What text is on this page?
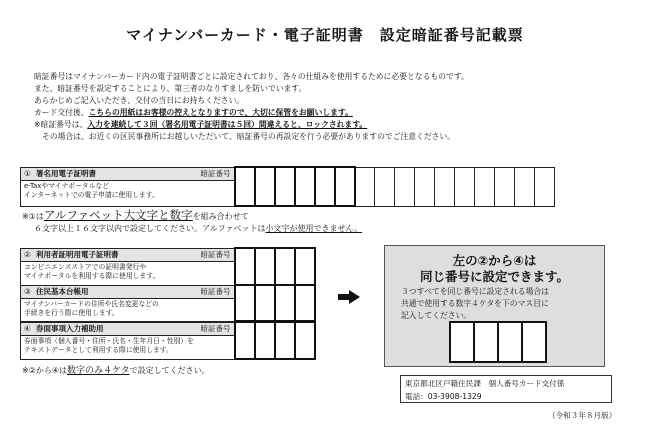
マイナンバーカード・電子証明書　設定暗証番号記載票
暗証番号はマイナンバーカード内の電子証明書ごとに設定されており、各々の仕組みを使用するために必要となるものです。
また、暗証番号を設定することにより、第三者のなりすましを防いでいます。
あらかじめご記入いただき、交付の当日にお持ちください。
カード交付後、こちらの用紙はお客様の控えとなりますので、大切に保管をお願いします。
※暗証番号は、入力を連続して３回（署名用電子証明書は５回）間違えると、ロックされます。
その場合は、お近くの区民事務所にお越しいただいて、暗証番号の再設定を行う必要がありますのでご注意ください。
① 署名用電子証明書	暗証番号

e-Taxやマイナポータルなど
インターネットでの電子申請に使用します。
※①はアルファベット大文字と数字を組み合わせて
６文字以上１６文字以内で設定してください。アルファベットは小文字が使用できません。
② 利用者証明用電子証明書	暗証番号

コンビニエンスストアでの証明書発行や
マイナポータルを利用する際に使用します。
③ 住民基本台帳用	暗証番号

マイナンバーカードの住所や氏名変更などの
手続きを行う際に使用します。
④ 券面事項入力補助用	暗証番号

券面事項（個人番号・住所・氏名・生年月日・性別）を
テキストデータとして利用する際に使用します。
※②から④は数字のみ４ケタで設定してください。
左の②から④は
同じ番号に設定できます。
３つすべてを同じ番号に設定される場合は
共通で使用する数字４ケタを下のマス目に
記入してください。
東京都北区戸籍住民課　個人番号カード交付係
電話：03-3908-1329
（令和３年８月版）
